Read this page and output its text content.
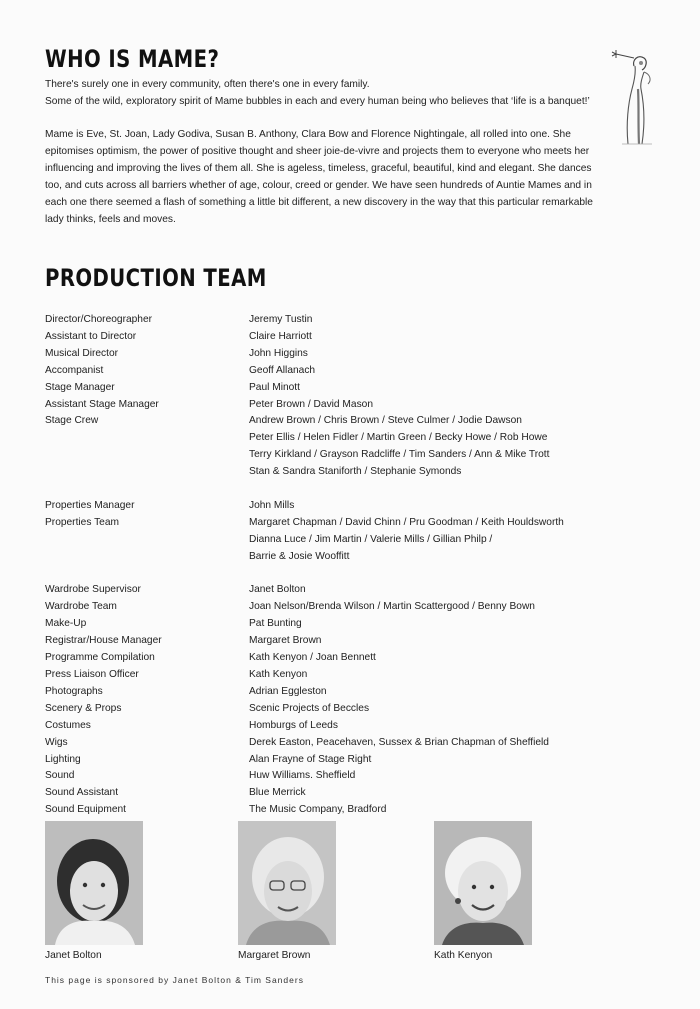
WHO IS MAME?
There's surely one in every community, often there's one in every family.
Some of the wild, exploratory spirit of Mame bubbles in each and every human being who believes that ‘life is a banquet!’
Mame is Eve, St. Joan, Lady Godiva, Susan B. Anthony, Clara Bow and Florence Nightingale, all rolled into one. She epitomises optimism, the power of positive thought and sheer joie-de-vivre and projects them to everyone who meets her influencing and improving the lives of them all. She is ageless, timeless, graceful, beautiful, kind and elegant. She dances too, and cuts across all barriers whether of age, colour, creed or gender. We have seen hundreds of Auntie Mames and in each one there seemed a flash of something a little bit different, a new discovery in the way that this particular remarkable lady thinks, feels and moves.
PRODUCTION TEAM
Director/Choreographer	Jeremy Tustin
Assistant to Director	Claire Harriott
Musical Director	John Higgins
Accompanist	Geoff Allanach
Stage Manager	Paul Minott
Assistant Stage Manager	Peter Brown / David Mason
Stage Crew	Andrew Brown / Chris Brown / Steve Culmer / Jodie Dawson
Peter Ellis / Helen Fidler / Martin Green / Becky Howe / Rob Howe
Terry Kirkland / Grayson Radcliffe / Tim Sanders / Ann & Mike Trott
Stan & Sandra Staniforth / Stephanie Symonds
Properties Manager	John Mills
Properties Team	Margaret Chapman / David Chinn / Pru Goodman / Keith Houldsworth
Dianna Luce / Jim Martin / Valerie Mills / Gillian Philp /
Barrie & Josie Wooffitt
Wardrobe Supervisor	Janet Bolton
Wardrobe Team	Joan Nelson/Brenda Wilson / Martin Scattergood / Benny Bown
Make-Up	Pat Bunting
Registrar/House Manager	Margaret Brown
Programme Compilation	Kath Kenyon / Joan Bennett
Press Liaison Officer	Kath Kenyon
Photographs	Adrian Eggleston
Scenery & Props	Scenic Projects of Beccles
Costumes	Homburgs of Leeds
Wigs	Derek Easton, Peacehaven, Sussex & Brian Chapman of Sheffield
Lighting	Alan Frayne of Stage Right
Sound	Huw Williams. Sheffield
Sound Assistant	Blue Merrick
Sound Equipment	The Music Company, Bradford
Janet Bolton	Margaret Brown	Kath Kenyon
This page is sponsored by Janet Bolton & Tim Sanders
